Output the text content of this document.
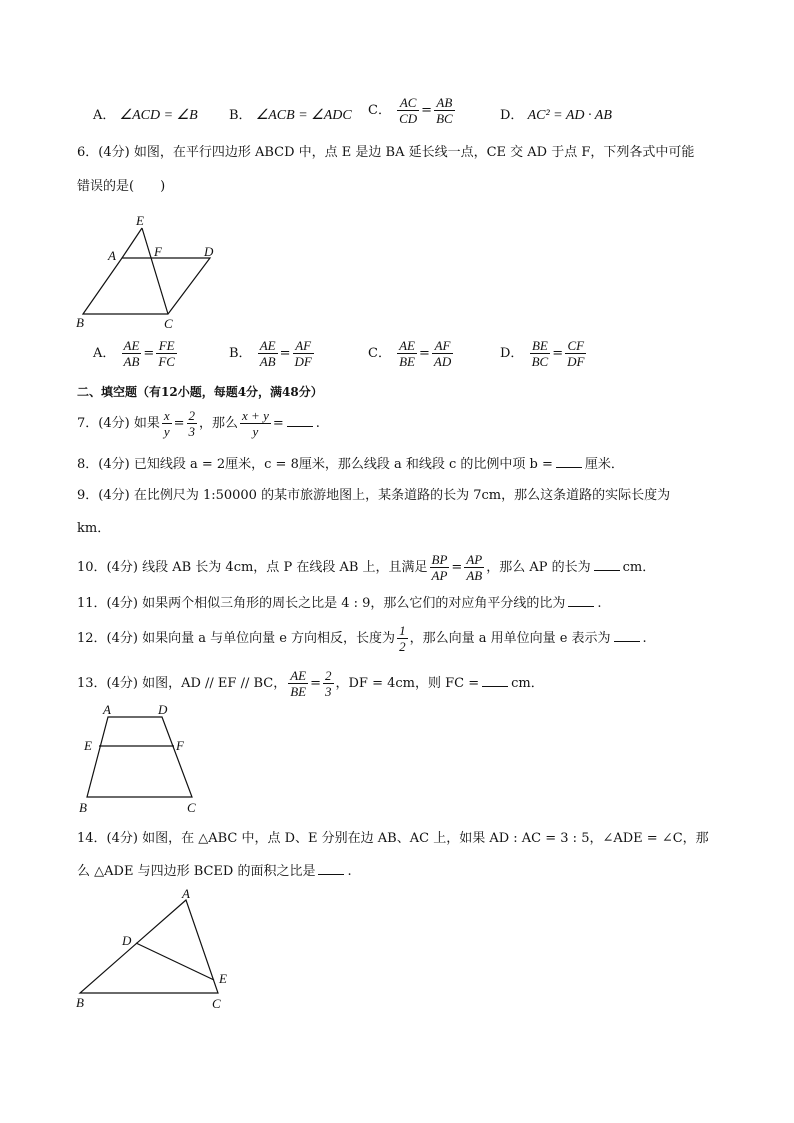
A． ∠ACD = ∠B B． ∠ACB = ∠ADC C． $\frac{AC}{CD} = \frac{AB}{BC}$	D． AC² = AD · AB
6．(4分) 如图，在平行四边形 ABCD 中，点 E 是边 BA 延长线一点，CE 交 AD 于点 F，下列各式中可能
错误的是(　　)
E
A	F	D
B	C
A． $\frac{AE}{AB} = \frac{FE}{FC}$	B． $\frac{AE}{AB} = \frac{AF}{DF}$	C． $\frac{AE}{BE} = \frac{AF}{AD}$	D． $\frac{BE}{BC} = \frac{CF}{DF}$
二、填空题（有12小题，每题4分，满48分）
7．(4分) 如果 $\frac{x}{y} = \frac{2}{3}$ ，那么 $\frac{x + y}{y}$ = .
8．(4分) 已知线段 a = 2厘米，c = 8厘米，那么线段 a 和线段 c 的比例中项 b = 厘米．
9．(4分) 在比例尺为 1:50000 的某市旅游地图上，某条道路的长为 7cm，那么这条道路的实际长度为
km．
10．(4分) 线段 AB 长为 4cm，点 P 在线段 AB 上，且满足 $\frac{BP}{AP} = \frac{AP}{AB}$ ，那么 AP 的长为 cm．
11．(4分) 如果两个相似三角形的周长之比是 4 : 9，那么它们的对应角平分线的比为 .
12．(4分) 如果向量 a 与单位向量 e 方向相反，长度为 $\frac{1}{2}$ ，那么向量 a 用单位向量 e 表示为 .
13．(4分) 如图，AD // EF // BC， $\frac{AE}{BE} = \frac{2}{3}$ ，DF = 4cm，则 FC = cm．
A	D
E	F
B	C
14．(4分) 如图，在 △ABC 中，点 D、E 分别在边 AB、AC 上，如果 AD : AC = 3 : 5，∠ADE = ∠C，那
么 △ADE 与四边形 BCED 的面积之比是 .
A
D
E
B	C
